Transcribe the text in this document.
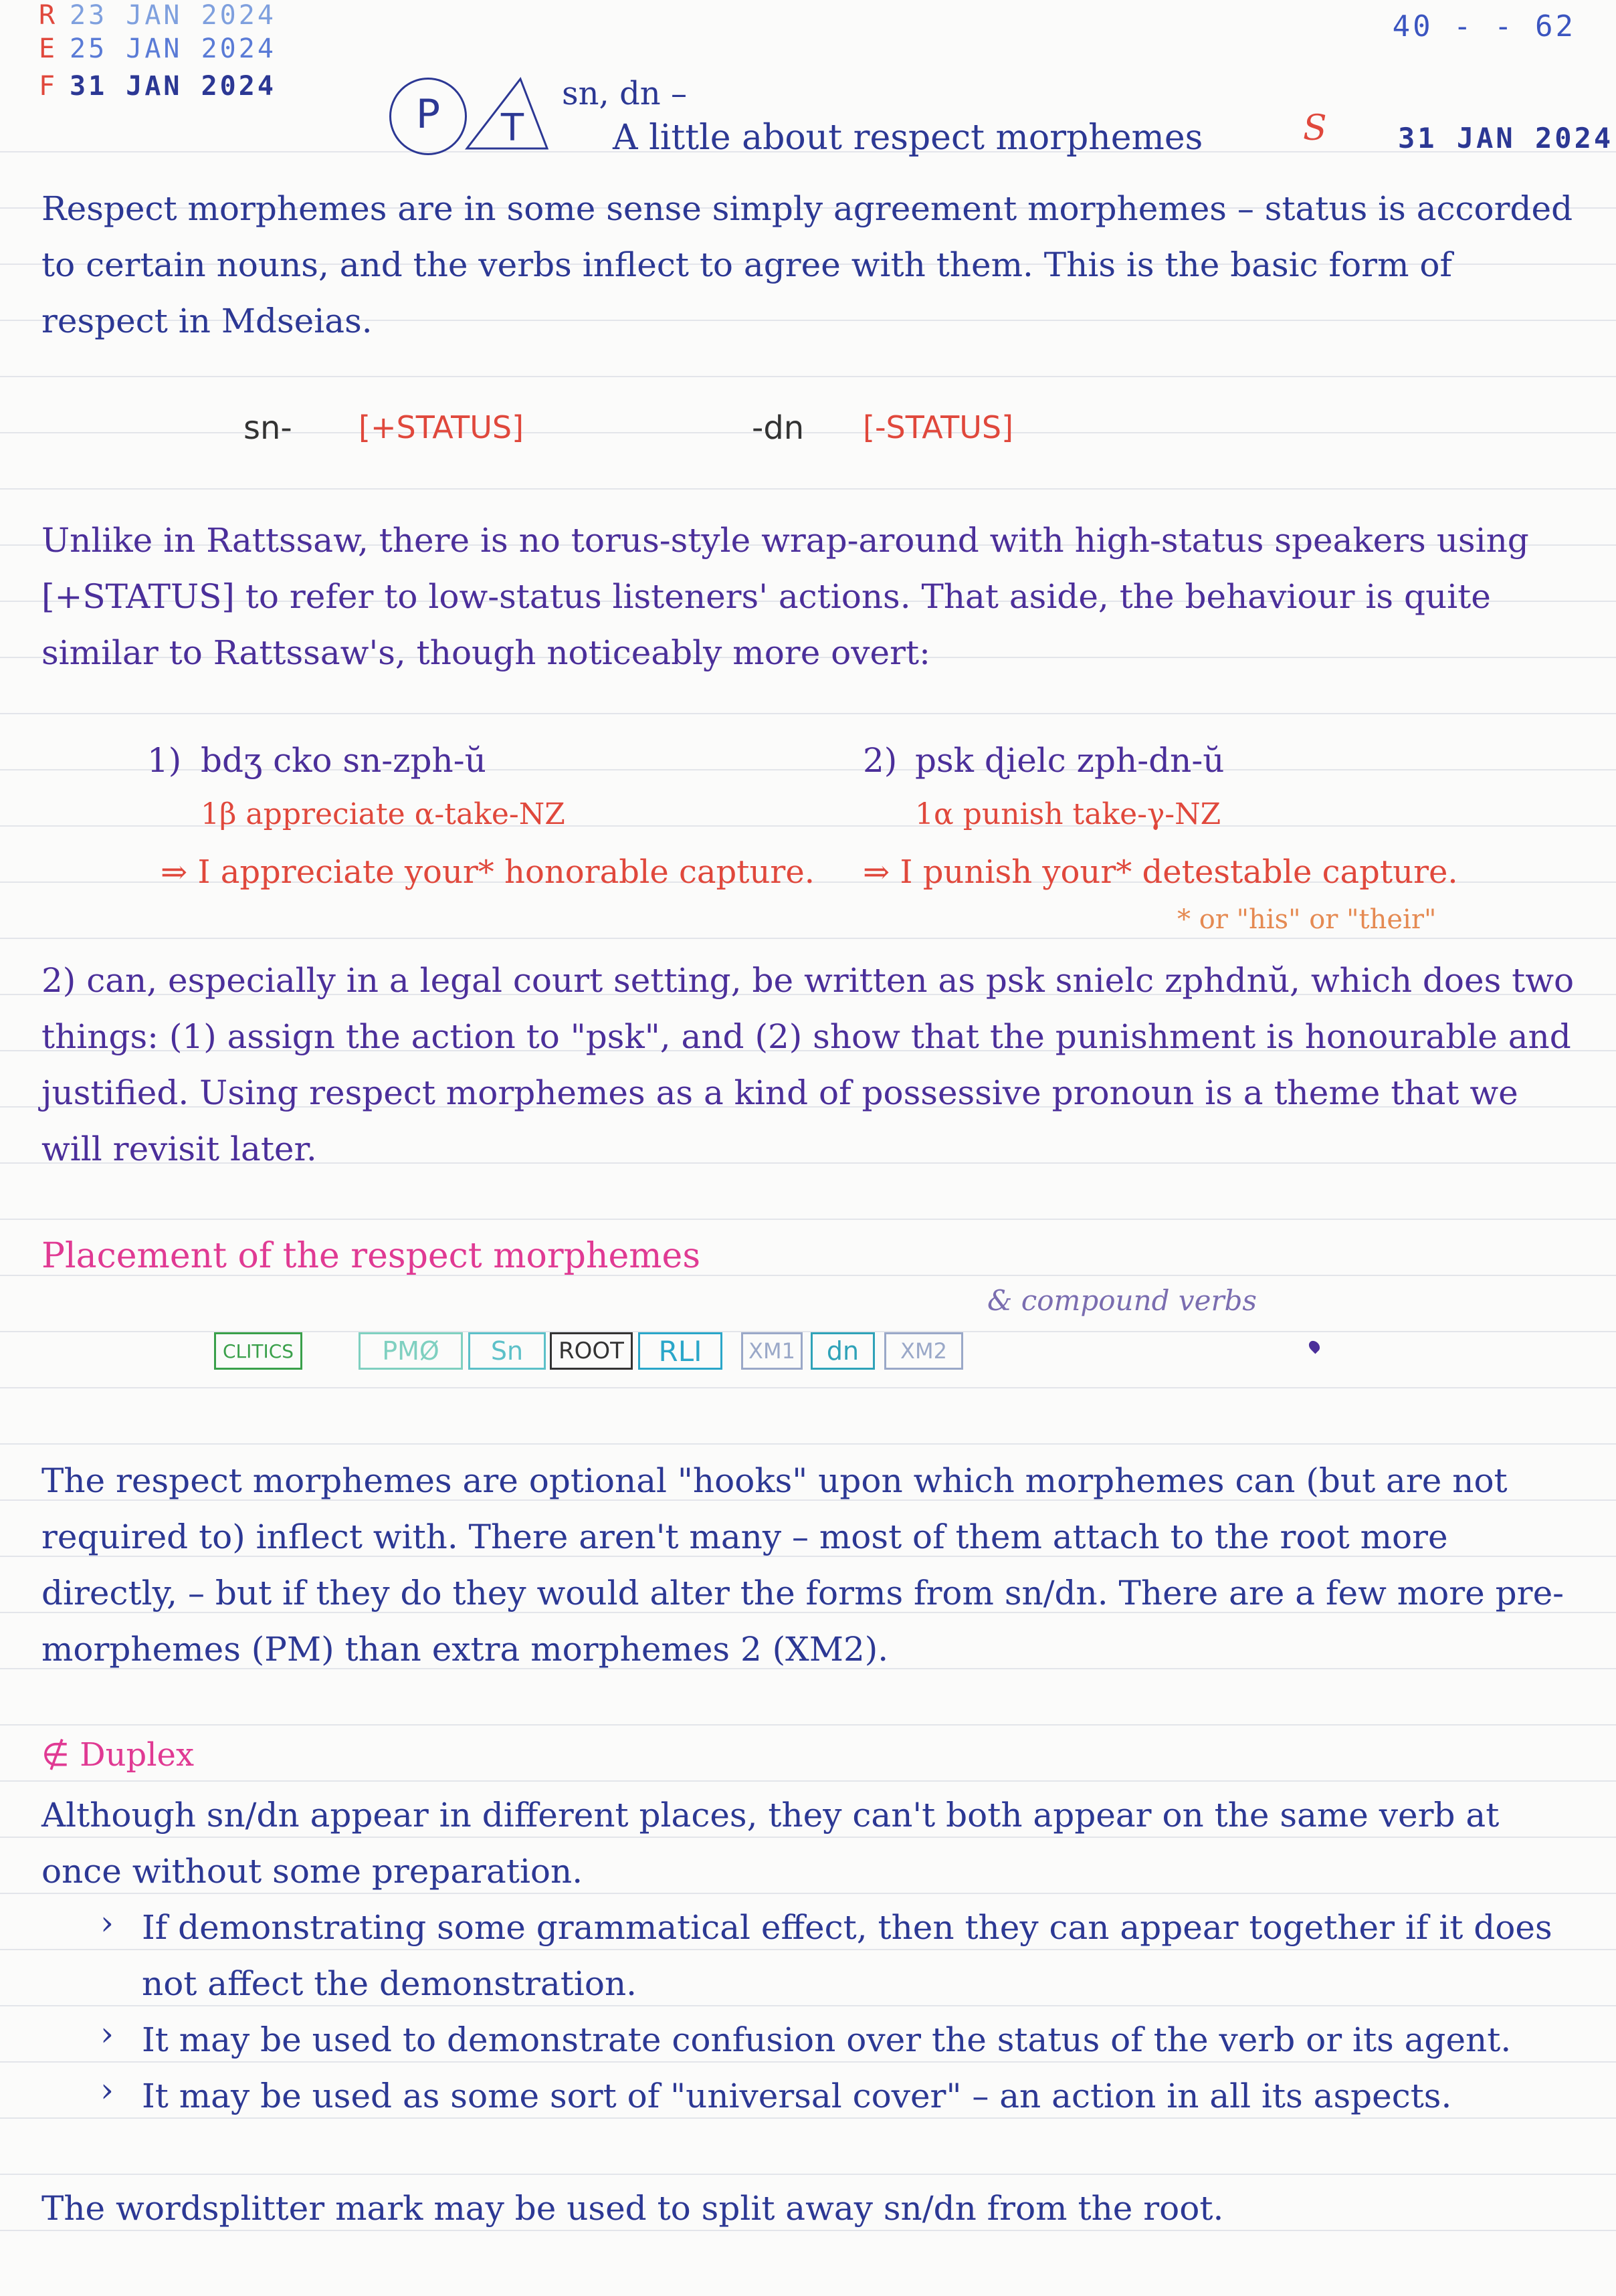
R 23 JAN 2024
E 25 JAN 2024
F 31 JAN 2024
40 - - 62
31 JAN 2024
P	T
sn, dn –
A little about respect morphemes	S
Respect morphemes are in some sense simply agreement morphemes – status is accorded to certain nouns, and the verbs inflect to agree with them. This is the basic form of respect in Mdseias.
sn- [+STATUS]	-dn [-STATUS]
Unlike in Rattssaw, there is no torus-style wrap-around with high-status speakers using [+STATUS] to refer to low-status listeners' actions. That aside, the behaviour is quite similar to Rattssaw's, though noticeably more overt:
1) bdʒ cko sn-zph-ŭ
1β appreciate α-take-NZ
⇒ I appreciate your* honorable capture.
2) psk ɖielc zph-dn-ŭ
1α punish take-γ-NZ
⇒ I punish your* detestable capture.
* or "his" or "their"
2) can, especially in a legal court setting, be written as psk snielc zphdnŭ, which does two things: (1) assign the action to "psk", and (2) show that the punishment is honourable and justified. Using respect morphemes as a kind of possessive pronoun is a theme that we will revisit later.
Placement of the respect morphemes
CLITICS	PMØ	Sn	ROOT	RLI	XM1	dn	XM2
& compound verbs
The respect morphemes are optional "hooks" upon which morphemes can (but are not required to) inflect with. There aren't many – most of them attach to the root more directly, – but if they do they would alter the forms from sn/dn. There are a few more pre-morphemes (PM) than extra morphemes 2 (XM2).
∉ Duplex
Although sn/dn appear in different places, they can't both appear on the same verb at once without some preparation.
› If demonstrating some grammatical effect, then they can appear together if it does not affect the demonstration.
› It may be used to demonstrate confusion over the status of the verb or its agent.
› It may be used as some sort of "universal cover" – an action in all its aspects.
The wordsplitter mark may be used to split away sn/dn from the root.
